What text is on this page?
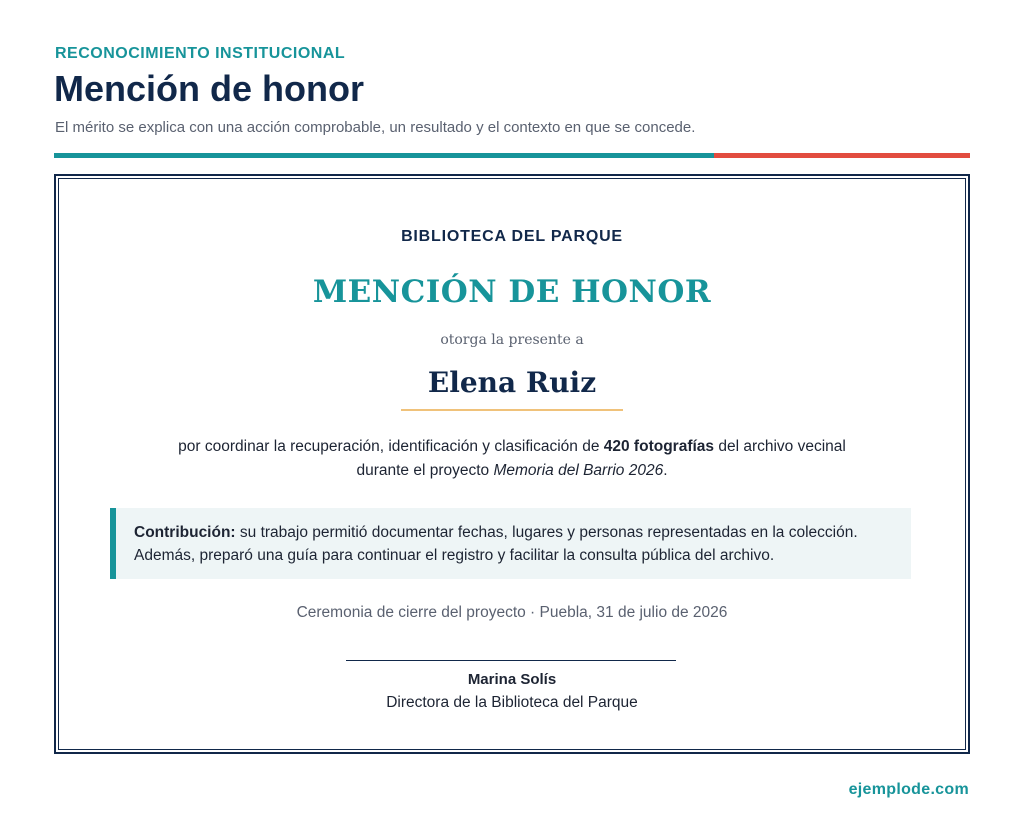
RECONOCIMIENTO INSTITUCIONAL
Mención de honor
El mérito se explica con una acción comprobable, un resultado y el contexto en que se concede.
BIBLIOTECA DEL PARQUE
MENCIÓN DE HONOR
otorga la presente a
Elena Ruiz
por coordinar la recuperación, identificación y clasificación de 420 fotografías del archivo vecinal
durante el proyecto Memoria del Barrio 2026.
Contribución: su trabajo permitió documentar fechas, lugares y personas representadas en la colección. Además, preparó una guía para continuar el registro y facilitar la consulta pública del archivo.
Ceremonia de cierre del proyecto · Puebla, 31 de julio de 2026
Marina Solís
Directora de la Biblioteca del Parque
ejemplode.com
